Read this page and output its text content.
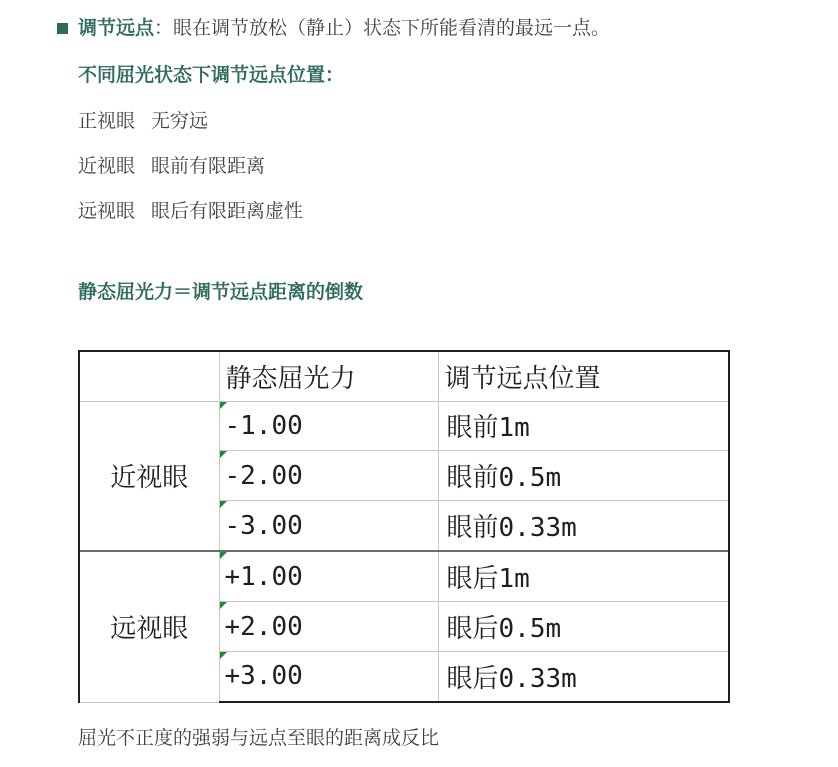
调节远点：眼在调节放松（静止）状态下所能看清的最远一点。
不同屈光状态下调节远点位置：
正视眼 无穷远
近视眼 眼前有限距离
远视眼 眼后有限距离虚性
静态屈光力＝调节远点距离的倒数
	静态屈光力	调节远点位置
近视眼	-1.00	眼前1m

-2.00	眼前0.5m

-3.00	眼前0.33m
远视眼	+1.00	眼后1m

+2.00	眼后0.5m

+3.00	眼后0.33m
屈光不正度的强弱与远点至眼的距离成反比
